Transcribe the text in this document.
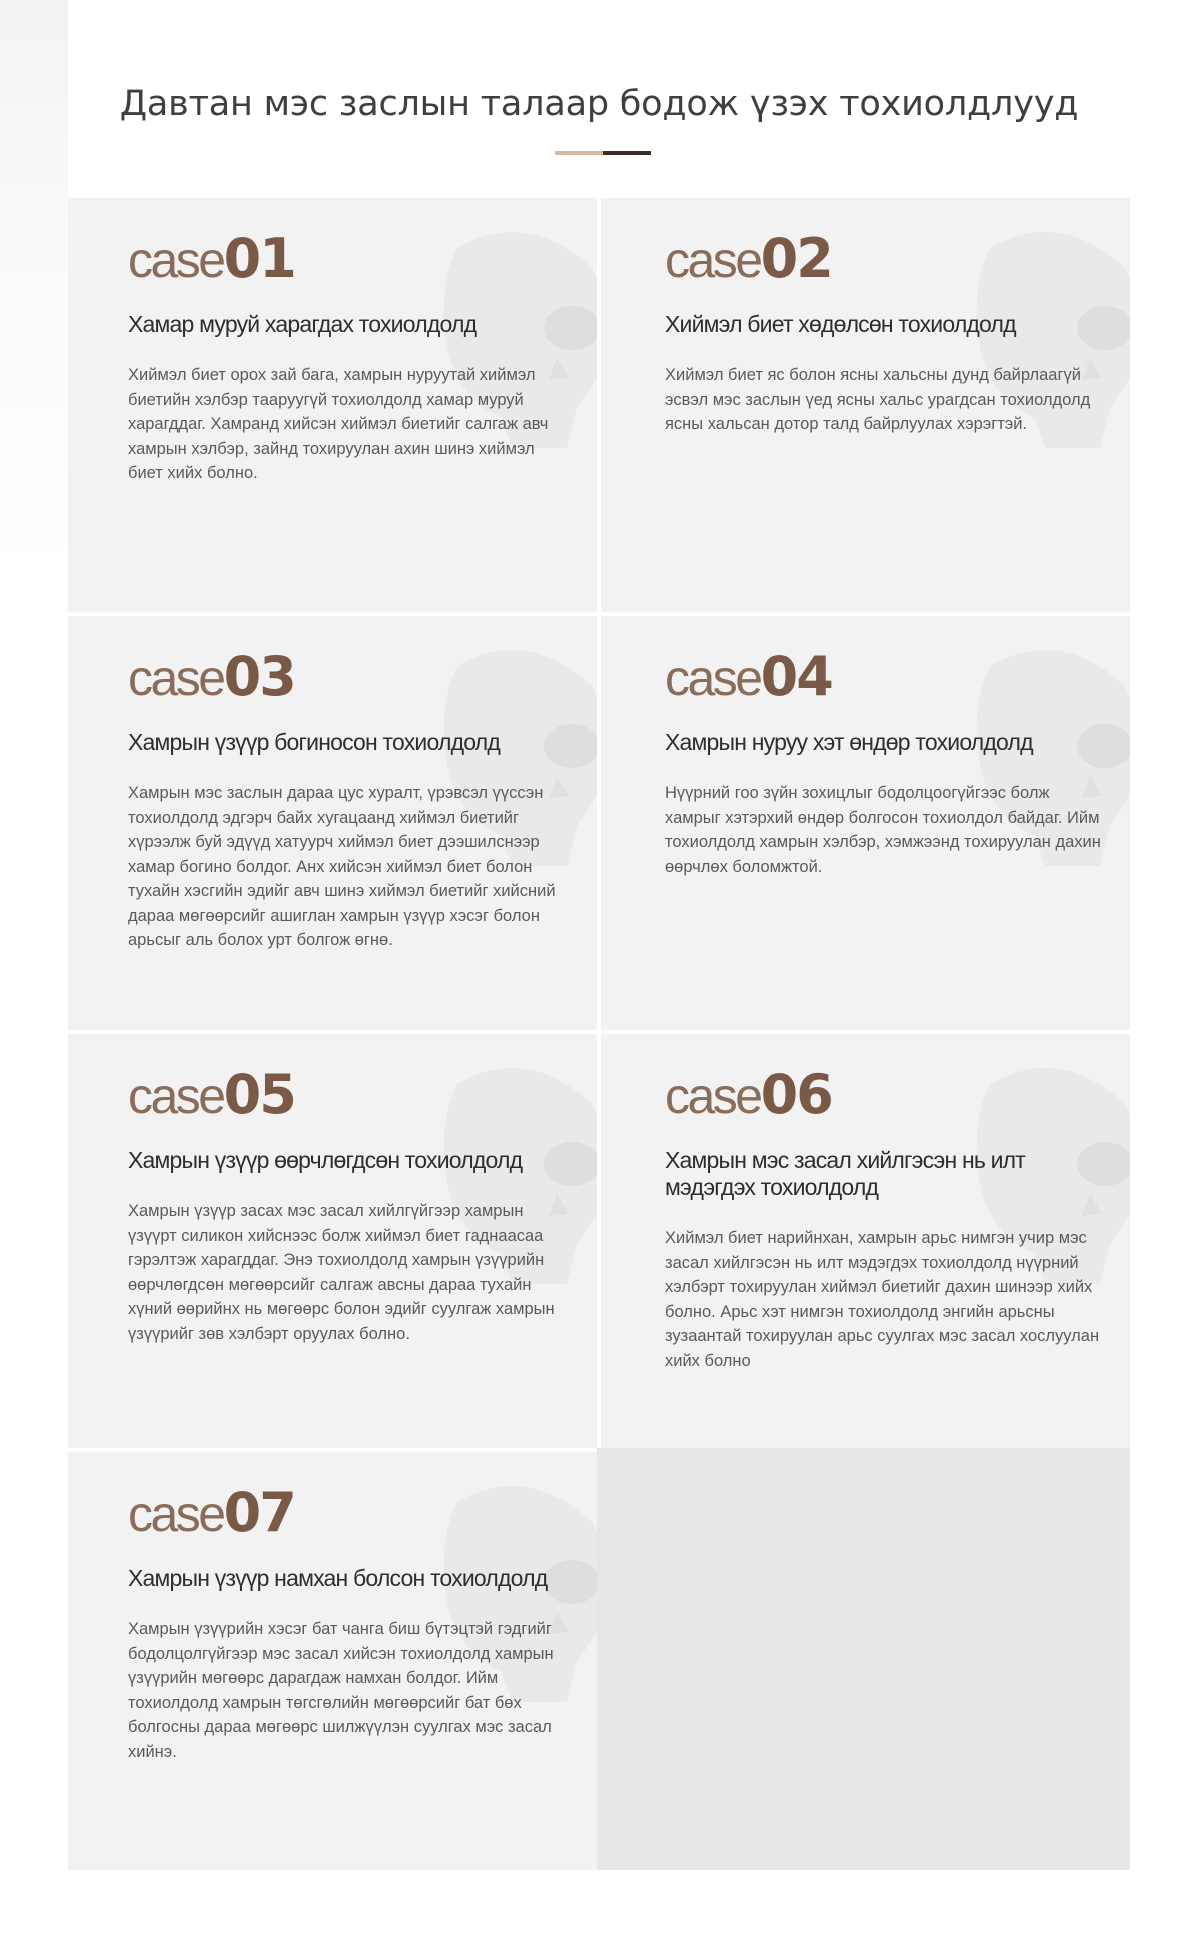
Давтан мэс заслын талаар бодож үзэх тохиолдлууд
case01
Хамар муруй харагдах тохиолдолд
Хиймэл биет орох зай бага, хамрын нуруутай хиймэл биетийн хэлбэр тааруугүй тохиолдолд хамар муруй харагддаг. Хамранд хийсэн хиймэл биетийг салгаж авч хамрын хэлбэр, зайнд тохируулан ахин шинэ хиймэл биет хийх болно.
case02
Хиймэл биет хөдөлсөн тохиолдолд
Хиймэл биет яс болон ясны хальсны дунд байрлаагүй эсвэл мэс заслын үед ясны хальс урагдсан тохиолдолд ясны хальсан дотор талд байрлуулах хэрэгтэй.
case03
Хамрын үзүүр богиносон тохиолдолд
Хамрын мэс заслын дараа цус хуралт, үрэвсэл үүссэн тохиолдолд эдгэрч байх хугацаанд хиймэл биетийг хүрээлж буй эдүүд хатуурч хиймэл биет дээшилснээр хамар богино болдог. Анх хийсэн хиймэл биет болон тухайн хэсгийн эдийг авч шинэ хиймэл биетийг хийсний дараа мөгөөрсийг ашиглан хамрын үзүүр хэсэг болон арьсыг аль болох урт болгож өгнө.
case04
Хамрын нуруу хэт өндөр тохиолдолд
Нүүрний гоо зүйн зохицлыг бодолцоогүйгээс болж хамрыг хэтэрхий өндөр болгосон тохиолдол байдаг. Ийм тохиолдолд хамрын хэлбэр, хэмжээнд тохируулан дахин өөрчлөх боломжтой.
case05
Хамрын үзүүр өөрчлөгдсөн тохиолдолд
Хамрын үзүүр засах мэс засал хийлгүйгээр хамрын үзүүрт силикон хийснээс болж хиймэл биет гаднаасаа гэрэлтэж харагддаг. Энэ тохиолдолд хамрын үзүүрийн өөрчлөгдсөн мөгөөрсийг салгаж авсны дараа тухайн хүний өөрийнх нь мөгөөрс болон эдийг суулгаж хамрын үзүүрийг зөв хэлбэрт оруулах болно.
case06
Хамрын мэс засал хийлгэсэн нь илт мэдэгдэх тохиолдолд
Хиймэл биет нарийнхан, хамрын арьс нимгэн учир мэс засал хийлгэсэн нь илт мэдэгдэх тохиолдолд нүүрний хэлбэрт тохируулан хиймэл биетийг дахин шинээр хийх болно. Арьс хэт нимгэн тохиолдолд энгийн арьсны зузаантай тохируулан арьс суулгах мэс засал хослуулан хийх болно
case07
Хамрын үзүүр намхан болсон тохиолдолд
Хамрын үзүүрийн хэсэг бат чанга биш бүтэцтэй гэдгийг бодолцолгүйгээр мэс засал хийсэн тохиолдолд хамрын үзүүрийн мөгөөрс дарагдаж намхан болдог. Ийм тохиолдолд хамрын төгсгөлийн мөгөөрсийг бат бөх болгосны дараа мөгөөрс шилжүүлэн суулгах мэс засал хийнэ.
